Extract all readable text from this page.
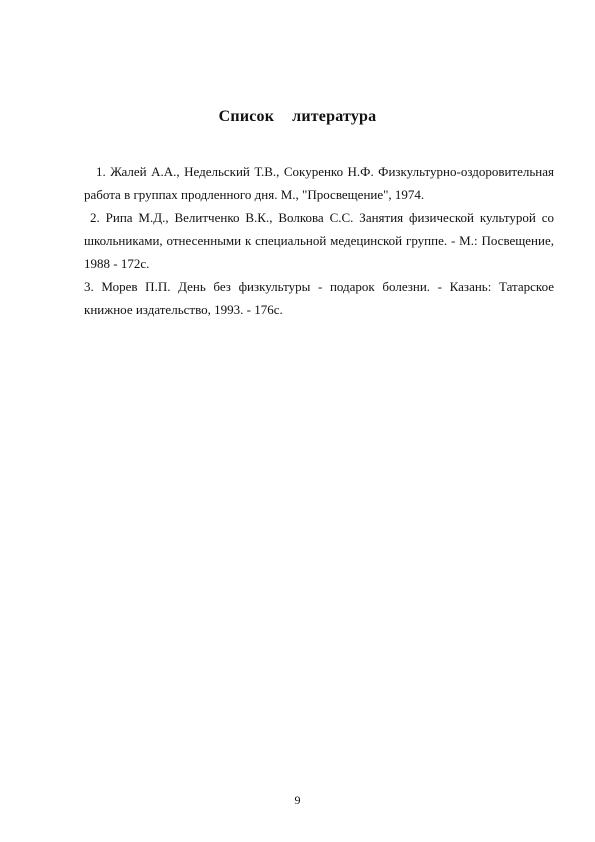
Список литература

1. Жалей А.А., Недельский Т.В., Сокуренко Н.Ф. Физкультурно-оздоровительная работа в группах продленного дня. М., "Просвещение", 1974.

2. Рипа М.Д., Велитченко В.К., Волкова С.С. Занятия физической культурой со школьниками, отнесенными к специальной медецинской группе. - М.: Посвещение, 1988 - 172с.

3. Морев П.П. День без физкультуры - подарок болезни. - Казань: Татарское книжное издательство, 1993. - 176с.

9
